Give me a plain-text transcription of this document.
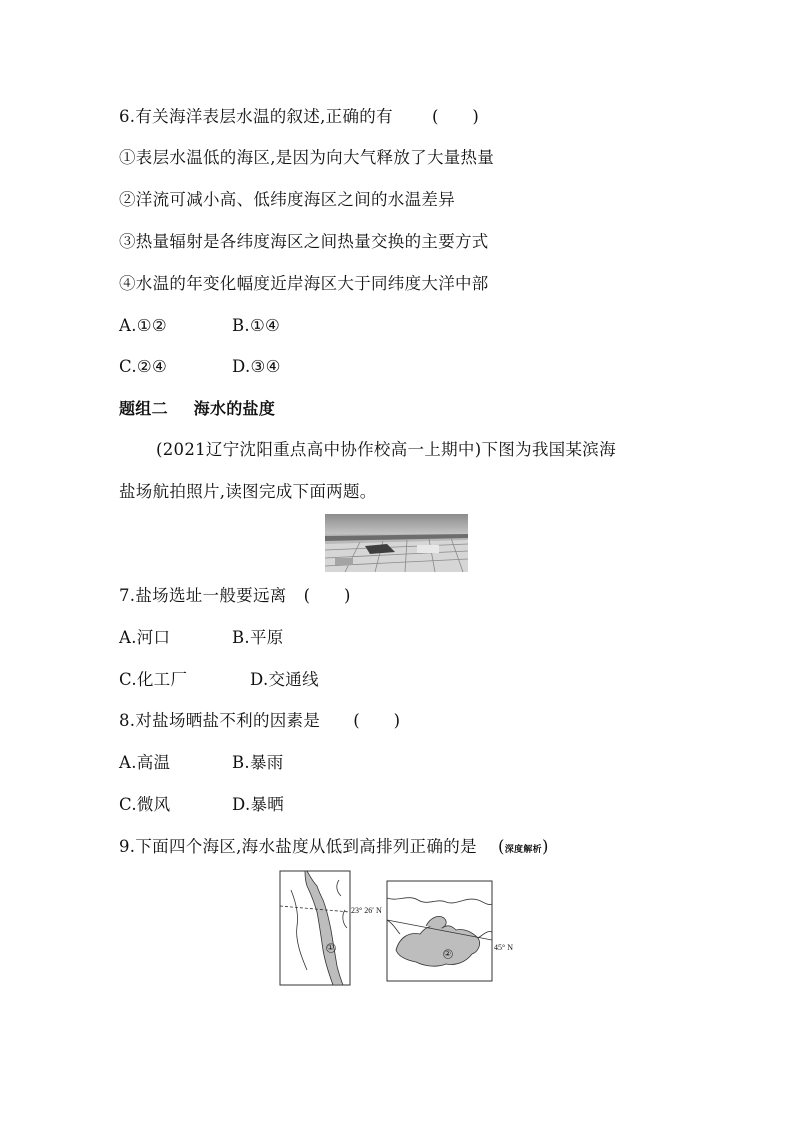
6.有关海洋表层水温的叙述,正确的有 (　　)
①表层水温低的海区,是因为向大气释放了大量热量
②洋流可减小高、低纬度海区之间的水温差异
③热量辐射是各纬度海区之间热量交换的主要方式
④水温的年变化幅度近岸海区大于同纬度大洋中部
A.①②	B.①④
C.②④	D.③④
题组二 海水的盐度
(2021辽宁沈阳重点高中协作校高一上期中)下图为我国某滨海
盐场航拍照片,读图完成下面两题。
7.盐场选址一般要远离 (　　)
A.河口	B.平原
C.化工厂	D.交通线
8.对盐场晒盐不利的因素是 (　　)
A.高温	B.暴雨
C.微风	D.暴晒
9.下面四个海区,海水盐度从低到高排列正确的是 (深度解析)
23° 26′ N
①	45° N
②
